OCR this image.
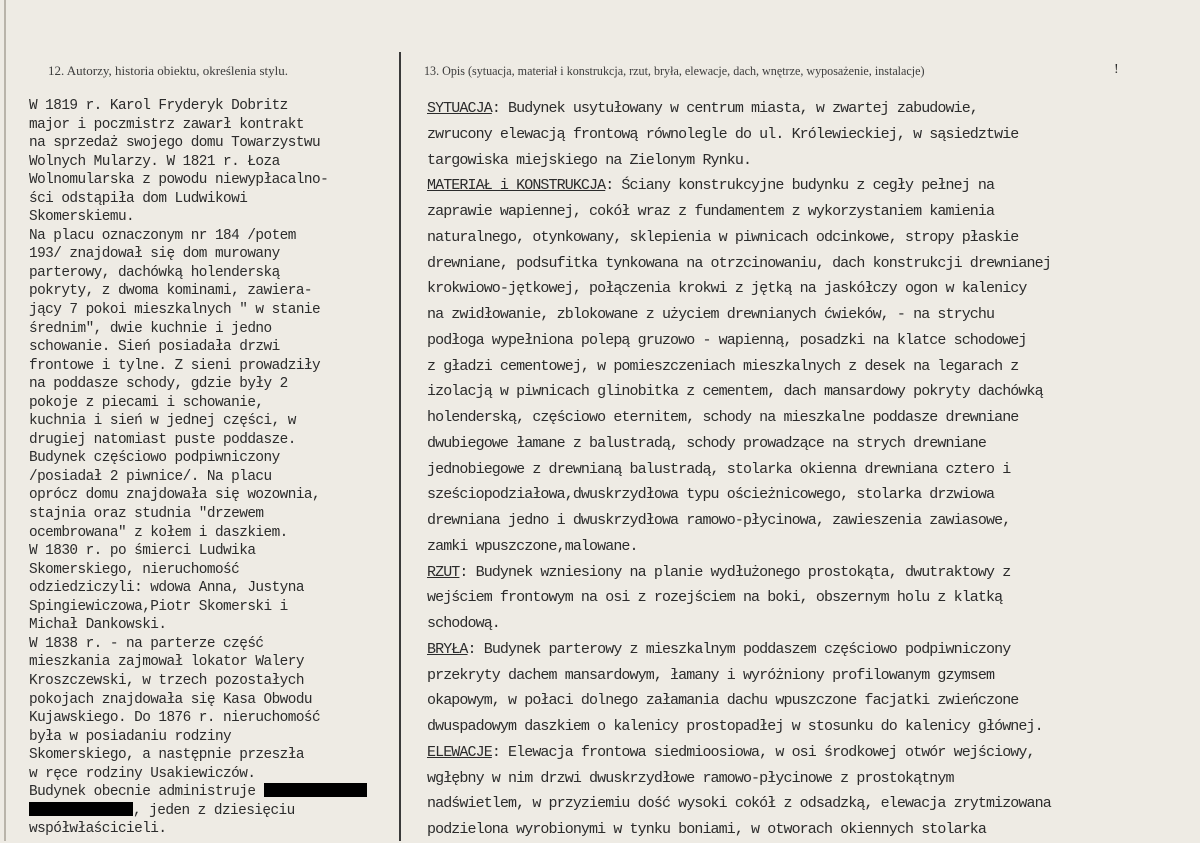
12. Autorzy, historia obiektu, określenia stylu.	13. Opis (sytuacja, materiał i konstrukcja, rzut, bryła, elewacje, dach, wnętrze, wyposażenie, instalacje)	!
W 1819 r. Karol Fryderyk Dobritz
major i poczmistrz zawarł kontrakt
na sprzedaż swojego domu Towarzystwu
Wolnych Mularzy. W 1821 r. Łoza
Wolnomularska z powodu niewypłacalno-
ści odstąpiła dom Ludwikowi
Skomerskiemu.
Na placu oznaczonym nr 184 /potem
193/ znajdował się dom murowany
parterowy, dachówką holenderską
pokryty, z dwoma kominami, zawiera-
jący 7 pokoi mieszkalnych " w stanie
średnim", dwie kuchnie i jedno
schowanie. Sień posiadała drzwi
frontowe i tylne. Z sieni prowadziły
na poddasze schody, gdzie były 2
pokoje z piecami i schowanie,
kuchnia i sień w jednej części, w
drugiej natomiast puste poddasze.
Budynek częściowo podpiwniczony
/posiadał 2 piwnice/. Na placu
oprócz domu znajdowała się wozownia,
stajnia oraz studnia "drzewem
ocembrowana" z kołem i daszkiem.
W 1830 r. po śmierci Ludwika
Skomerskiego, nieruchomość
odziedziczyli: wdowa Anna, Justyna
Spingiewiczowa,Piotr Skomerski i
Michał Dankowski.
W 1838 r. - na parterze część
mieszkania zajmował lokator Walery
Kroszczewski, w trzech pozostałych
pokojach znajdowała się Kasa Obwodu
Kujawskiego. Do 1876 r. nieruchomość
była w posiadaniu rodziny
Skomerskiego, a następnie przeszła
w ręce rodziny Usakiewiczów.
Budynek obecnie administruje
, jeden z dziesięciu
współwłaścicieli.
SYTUACJA: Budynek usytułowany w centrum miasta, w zwartej zabudowie,
zwrucony elewacją frontową równolegle do ul. Królewieckiej, w sąsiedztwie
targowiska miejskiego na Zielonym Rynku.
MATERIAŁ i KONSTRUKCJA: Ściany konstrukcyjne budynku z cegły pełnej na
zaprawie wapiennej, cokół wraz z fundamentem z wykorzystaniem kamienia
naturalnego, otynkowany, sklepienia w piwnicach odcinkowe, stropy płaskie
drewniane, podsufitka tynkowana na otrzcinowaniu, dach konstrukcji drewnianej
krokwiowo-jętkowej, połączenia krokwi z jętką na jaskółczy ogon w kalenicy
na zwidłowanie, zblokowane z użyciem drewnianych ćwieków, - na strychu
podłoga wypełniona polepą gruzowo - wapienną, posadzki na klatce schodowej
z gładzi cementowej, w pomieszczeniach mieszkalnych z desek na legarach z
izolacją w piwnicach glinobitka z cementem, dach mansardowy pokryty dachówką
holenderską, częściowo eternitem, schody na mieszkalne poddasze drewniane
dwubiegowe łamane z balustradą, schody prowadzące na strych drewniane
jednobiegowe z drewnianą balustradą, stolarka okienna drewniana cztero i
sześciopodziałowa,dwuskrzydłowa typu ościeżnicowego, stolarka drzwiowa
drewniana jedno i dwuskrzydłowa ramowo-płycinowa, zawieszenia zawiasowe,
zamki wpuszczone,malowane.
RZUT: Budynek wzniesiony na planie wydłużonego prostokąta, dwutraktowy z
wejściem frontowym na osi z rozejściem na boki, obszernym holu z klatką
schodową.
BRYŁA: Budynek parterowy z mieszkalnym poddaszem częściowo podpiwniczony
przekryty dachem mansardowym, łamany i wyróżniony profilowanym gzymsem
okapowym, w połaci dolnego załamania dachu wpuszczone facjatki zwieńczone
dwuspadowym daszkiem o kalenicy prostopadłej w stosunku do kalenicy głównej.
ELEWACJE: Elewacja frontowa siedmioosiowa, w osi środkowej otwór wejściowy,
wgłębny w nim drzwi dwuskrzydłowe ramowo-płycinowe z prostokątnym
nadświetlem, w przyziemiu dość wysoki cokół z odsadzką, elewacja zrytmizowana
podzielona wyrobionymi w tynku boniami, w otworach okiennych stolarka
